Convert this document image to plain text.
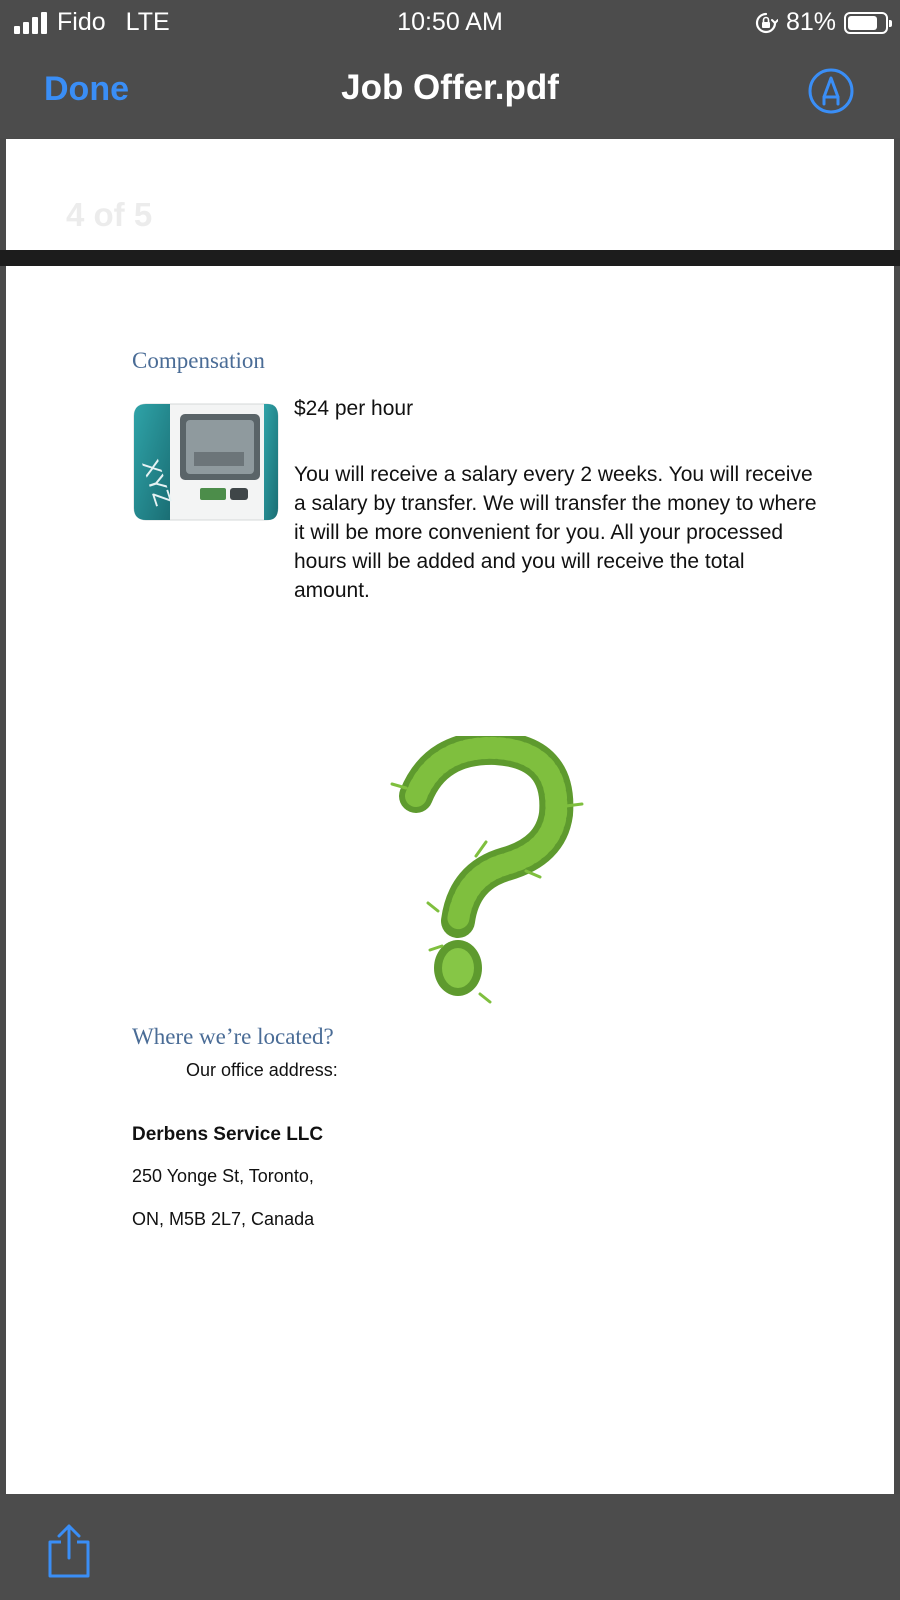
Fido LTE	10:50 AM	81%
Job Offer.pdf
Done
4 of 5
Compensation
XYZ
$24 per hour
You will receive a salary every 2 weeks. You will receive a salary by transfer. We will transfer the money to where it will be more convenient for you. All your processed hours will be added and you will receive the total amount.
Where we’re located?
Our office address:
Derbens Service LLC
250 Yonge St, Toronto,
ON, M5B 2L7, Canada
